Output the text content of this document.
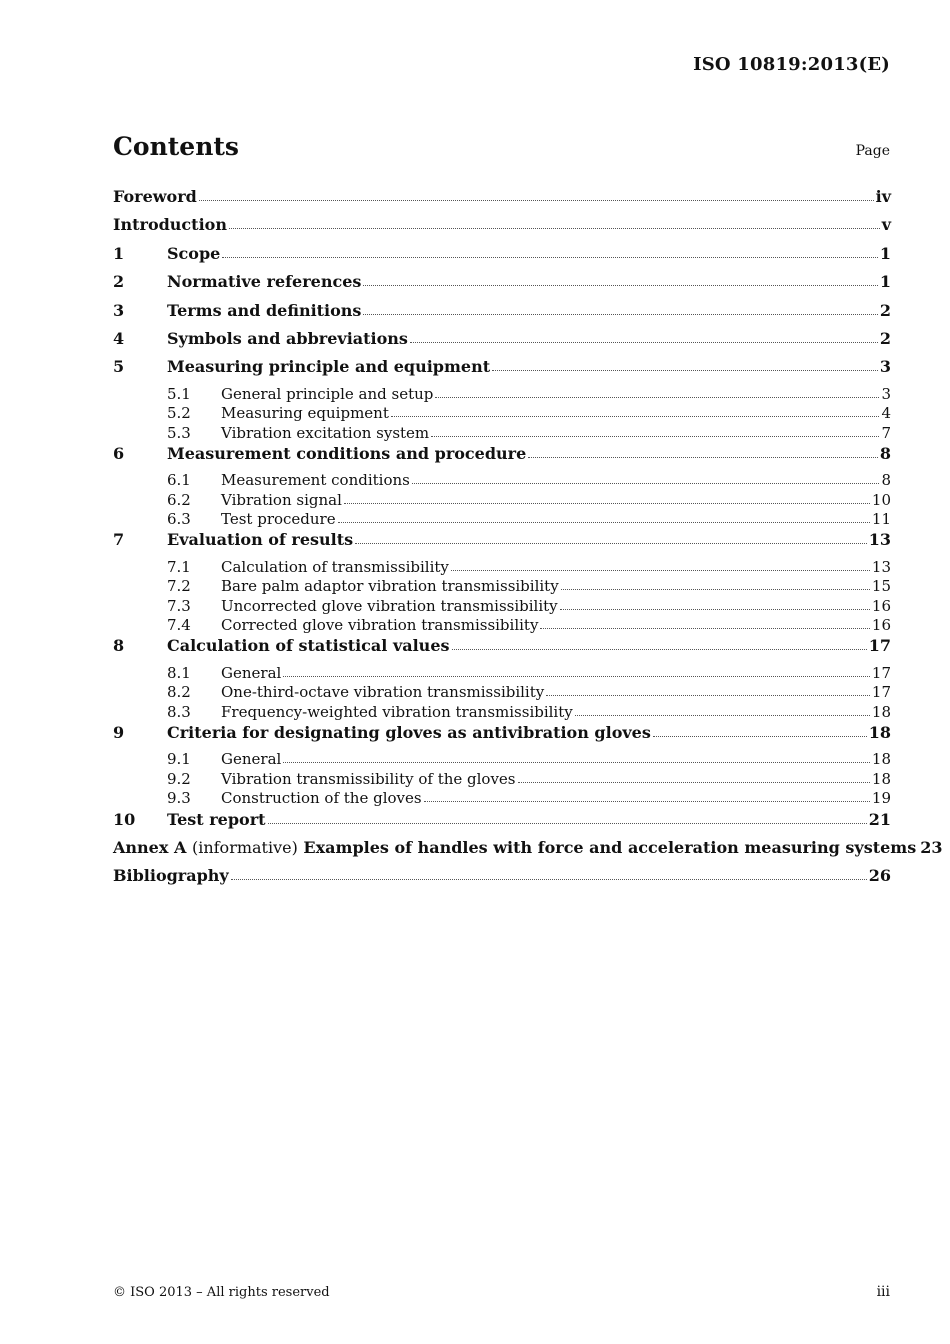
ISO 10819:2013(E)
Contents	Page
Foreword	iv
Introduction	v
1	Scope	1
2	Normative references	1
3	Terms and definitions	2
4	Symbols and abbreviations	2
5	Measuring principle and equipment	3
5.1	General principle and setup	3
5.2	Measuring equipment	4
5.3	Vibration excitation system	7
6	Measurement conditions and procedure	8
6.1	Measurement conditions	8
6.2	Vibration signal	10
6.3	Test procedure	11
7	Evaluation of results	13
7.1	Calculation of transmissibility	13
7.2	Bare palm adaptor vibration transmissibility	15
7.3	Uncorrected glove vibration transmissibility	16
7.4	Corrected glove vibration transmissibility	16
8	Calculation of statistical values	17
8.1	General	17
8.2	One-third-octave vibration transmissibility	17
8.3	Frequency-weighted vibration transmissibility	18
9	Criteria for designating gloves as antivibration gloves	18
9.1	General	18
9.2	Vibration transmissibility of the gloves	18
9.3	Construction of the gloves	19
10	Test report	21
Annex A (informative) Examples of handles with force and acceleration measuring systems 23
Bibliography	26
© ISO 2013 – All rights reserved	iii
